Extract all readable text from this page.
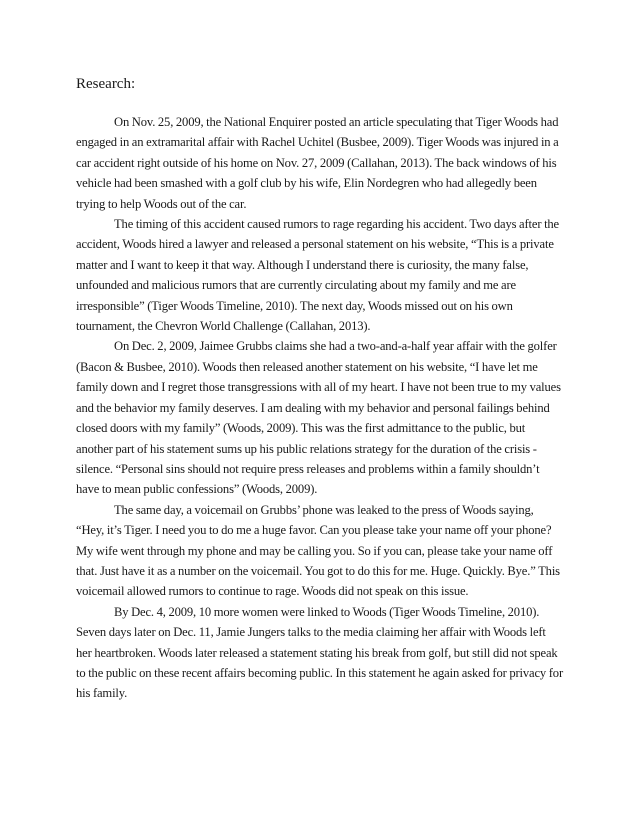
Research:

On Nov. 25, 2009, the National Enquirer posted an article speculating that Tiger Woods had engaged in an extramarital affair with Rachel Uchitel (Busbee, 2009). Tiger Woods was injured in a car accident right outside of his home on Nov. 27, 2009 (Callahan, 2013). The back windows of his vehicle had been smashed with a golf club by his wife, Elin Nordegren who had allegedly been trying to help Woods out of the car.

The timing of this accident caused rumors to rage regarding his accident. Two days after the accident, Woods hired a lawyer and released a personal statement on his website, “This is a private matter and I want to keep it that way. Although I understand there is curiosity, the many false, unfounded and malicious rumors that are currently circulating about my family and me are irresponsible” (Tiger Woods Timeline, 2010). The next day, Woods missed out on his own tournament, the Chevron World Challenge (Callahan, 2013).

On Dec. 2, 2009, Jaimee Grubbs claims she had a two-and-a-half year affair with the golfer (Bacon & Busbee, 2010). Woods then released another statement on his website, “I have let me family down and I regret those transgressions with all of my heart. I have not been true to my values and the behavior my family deserves. I am dealing with my behavior and personal failings behind closed doors with my family” (Woods, 2009). This was the first admittance to the public, but another part of his statement sums up his public relations strategy for the duration of the crisis - silence. “Personal sins should not require press releases and problems within a family shouldn’t have to mean public confessions” (Woods, 2009).

The same day, a voicemail on Grubbs’ phone was leaked to the press of Woods saying, “Hey, it’s Tiger. I need you to do me a huge favor. Can you please take your name off your phone? My wife went through my phone and may be calling you. So if you can, please take your name off that. Just have it as a number on the voicemail. You got to do this for me. Huge. Quickly. Bye.” This voicemail allowed rumors to continue to rage. Woods did not speak on this issue.

By Dec. 4, 2009, 10 more women were linked to Woods (Tiger Woods Timeline, 2010). Seven days later on Dec. 11, Jamie Jungers talks to the media claiming her affair with Woods left her heartbroken. Woods later released a statement stating his break from golf, but still did not speak to the public on these recent affairs becoming public. In this statement he again asked for privacy for his family.
